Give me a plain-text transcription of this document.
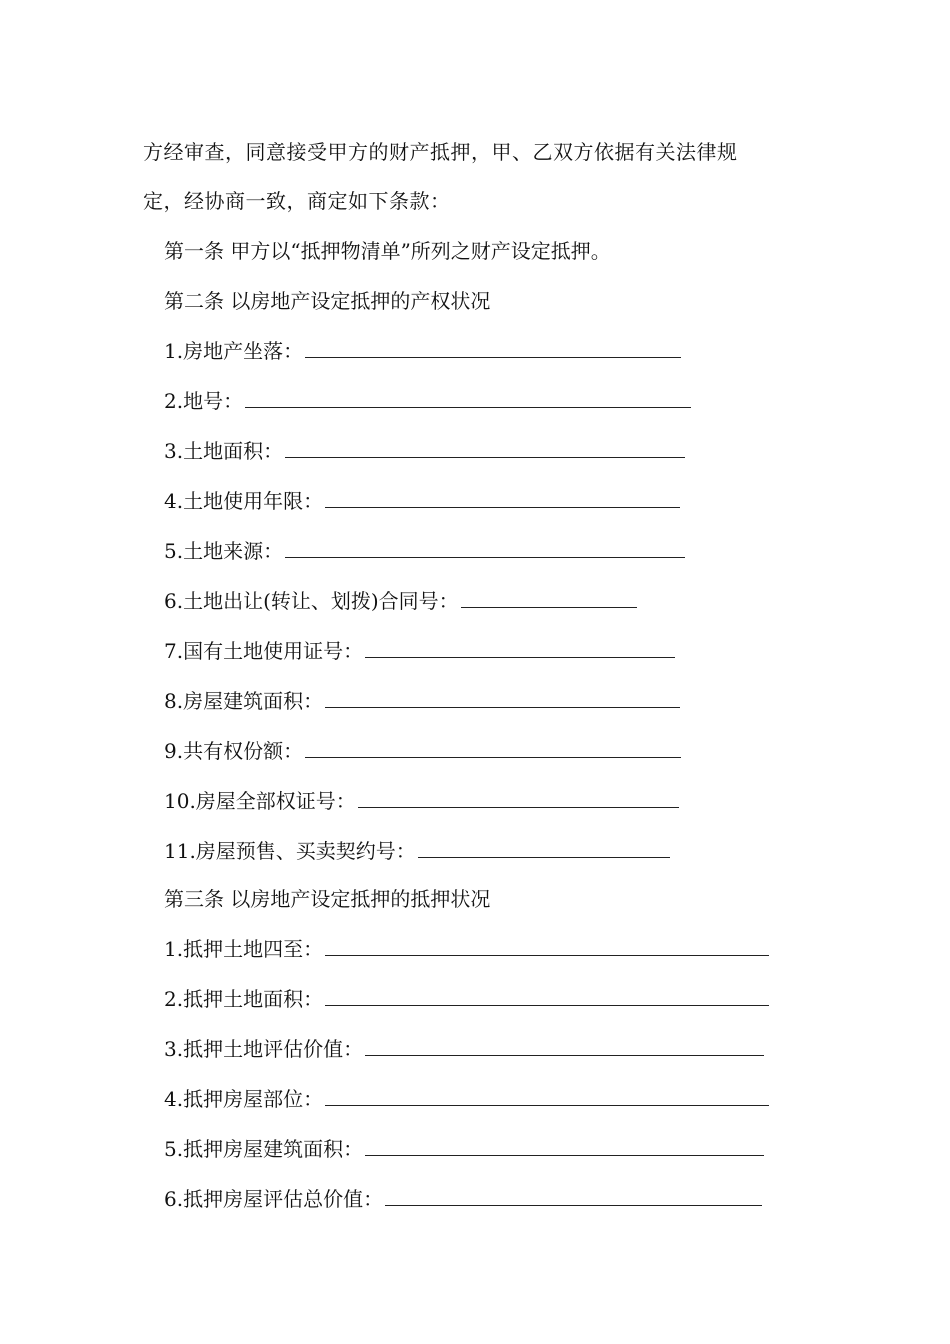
方经审查，同意接受甲方的财产抵押，甲、乙双方依据有关法律规
定，经协商一致，商定如下条款：
第一条 甲方以“抵押物清单”所列之财产设定抵押。
第二条 以房地产设定抵押的产权状况
1.房地产坐落：
2.地号：
3.土地面积：
4.土地使用年限：
5.土地来源：
6.土地出让(转让、划拨)合同号：
7.国有土地使用证号：
8.房屋建筑面积：
9.共有权份额：
10.房屋全部权证号：
11.房屋预售、买卖契约号：
第三条 以房地产设定抵押的抵押状况
1.抵押土地四至：
2.抵押土地面积：
3.抵押土地评估价值：
4.抵押房屋部位：
5.抵押房屋建筑面积：
6.抵押房屋评估总价值：
